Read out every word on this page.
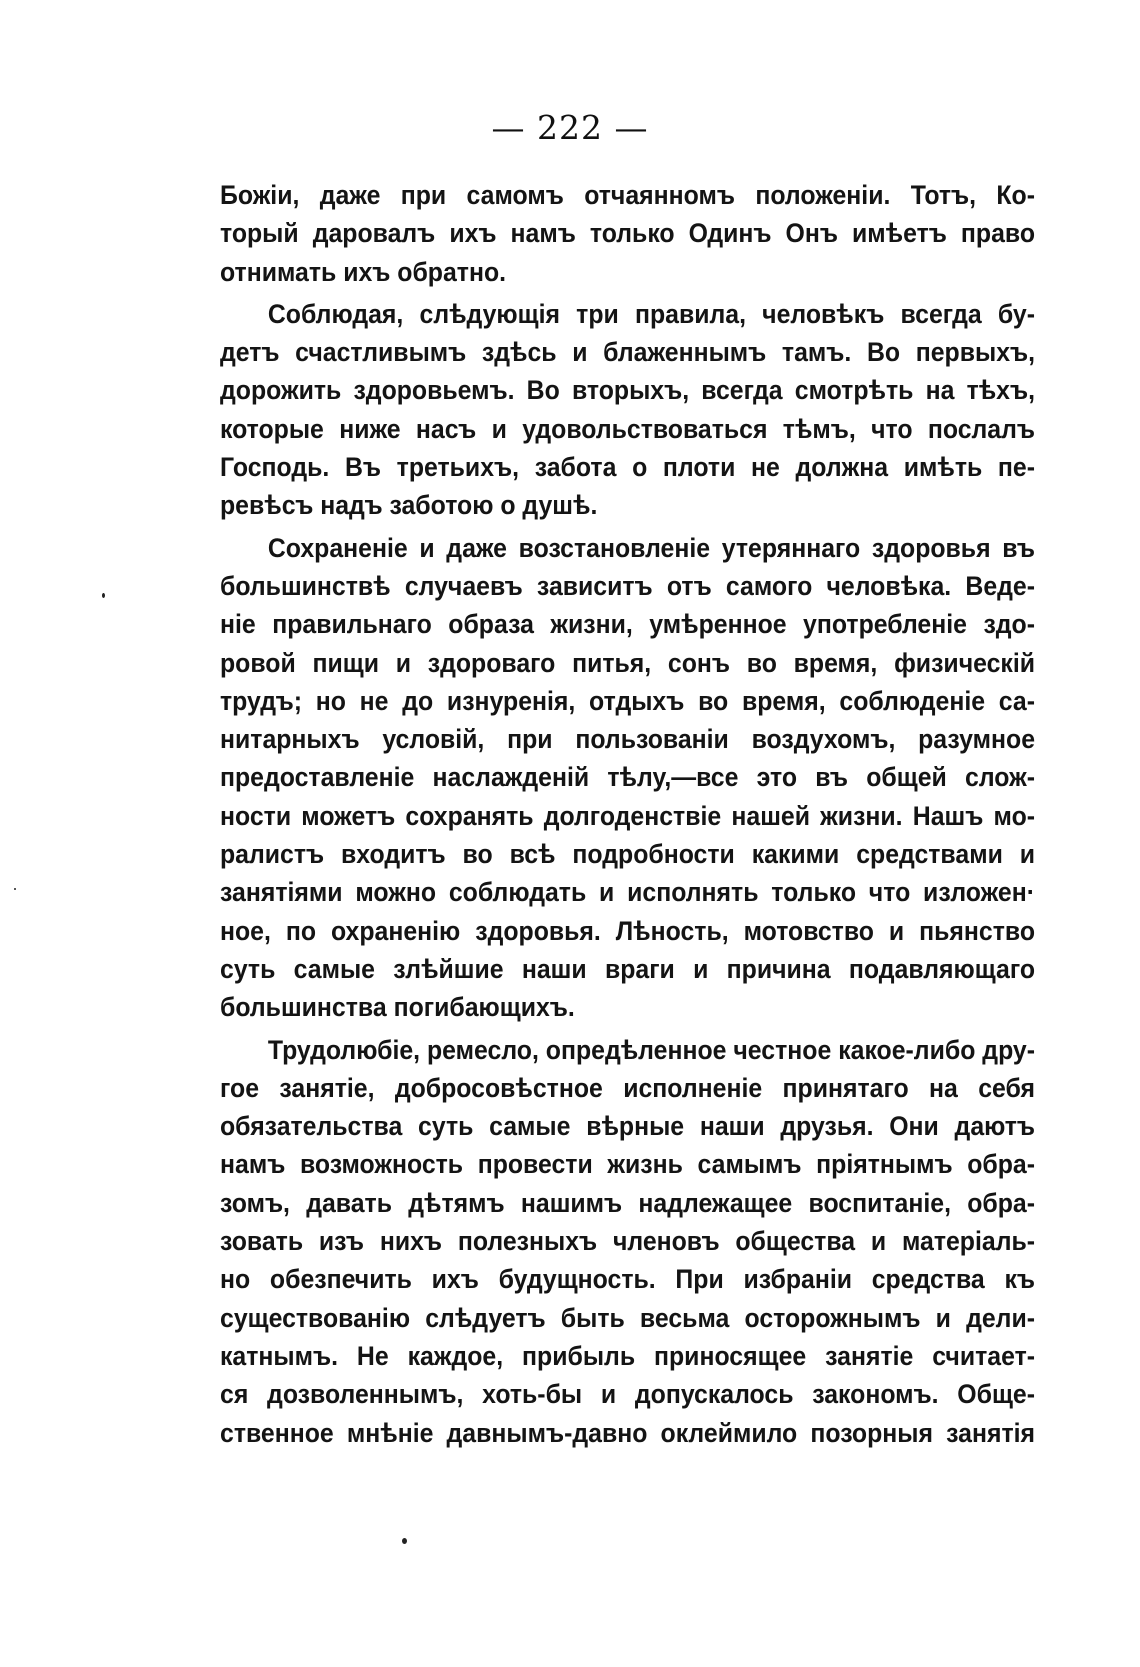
— 222 —

Божіи, даже при самомъ отчаянномъ положеніи. Тотъ, Ко-
торый даровалъ ихъ намъ только Одинъ Онъ имѣетъ право
отнимать ихъ обратно.

Соблюдая, слѣдующія три правила, человѣкъ всегда бу-
детъ счастливымъ здѣсь и блаженнымъ тамъ. Во первыхъ,
дорожить здоровьемъ. Во вторыхъ, всегда смотрѣть на тѣхъ,
которые ниже насъ и удовольствоваться тѣмъ, что послалъ
Господь. Въ третьихъ, забота о плоти не должна имѣть пе-
ревѣсъ надъ заботою о душѣ.

Сохраненіе и даже возстановленіе утеряннаго здоровья въ
большинствѣ случаевъ зависитъ отъ самого человѣка. Веде-
ніе правильнаго образа жизни, умѣренное употребленіе здо-
ровой пищи и здороваго питья, сонъ во время, физическій
трудъ; но не до изнуренія, отдыхъ во время, соблюденіе са-
нитарныхъ условій, при пользованіи воздухомъ, разумное
предоставленіе наслажденій тѣлу,—все это въ общей слож-
ности можетъ сохранять долгоденствіе нашей жизни. Нашъ мо-
ралистъ входитъ во всѣ подробности какими средствами и
занятіями можно соблюдать и исполнять только что изложен·
ное, по охраненію здоровья. Лѣность, мотовство и пьянство
суть самые злѣйшие наши враги и причина подавляющаго
большинства погибающихъ.

Трудолюбіе, ремесло, опредѣленное честное какое-либо дру-
гое занятіе, добросовѣстное исполненіе принятаго на себя
обязательства суть самые вѣрные наши друзья. Они даютъ
намъ возможность провести жизнь самымъ пріятнымъ обра-
зомъ, давать дѣтямъ нашимъ надлежащее воспитаніе, обра-
зовать изъ нихъ полезныхъ членовъ общества и матеріаль-
но обезпечить ихъ будущность. При избраніи средства къ
существованію слѣдуетъ быть весьма осторожнымъ и дели-
катнымъ. Не каждое, прибыль приносящее занятіе считает-
ся дозволеннымъ, хоть-бы и допускалось закономъ. Обще-
ственное мнѣніе давнымъ-давно оклеймило позорныя занятія
